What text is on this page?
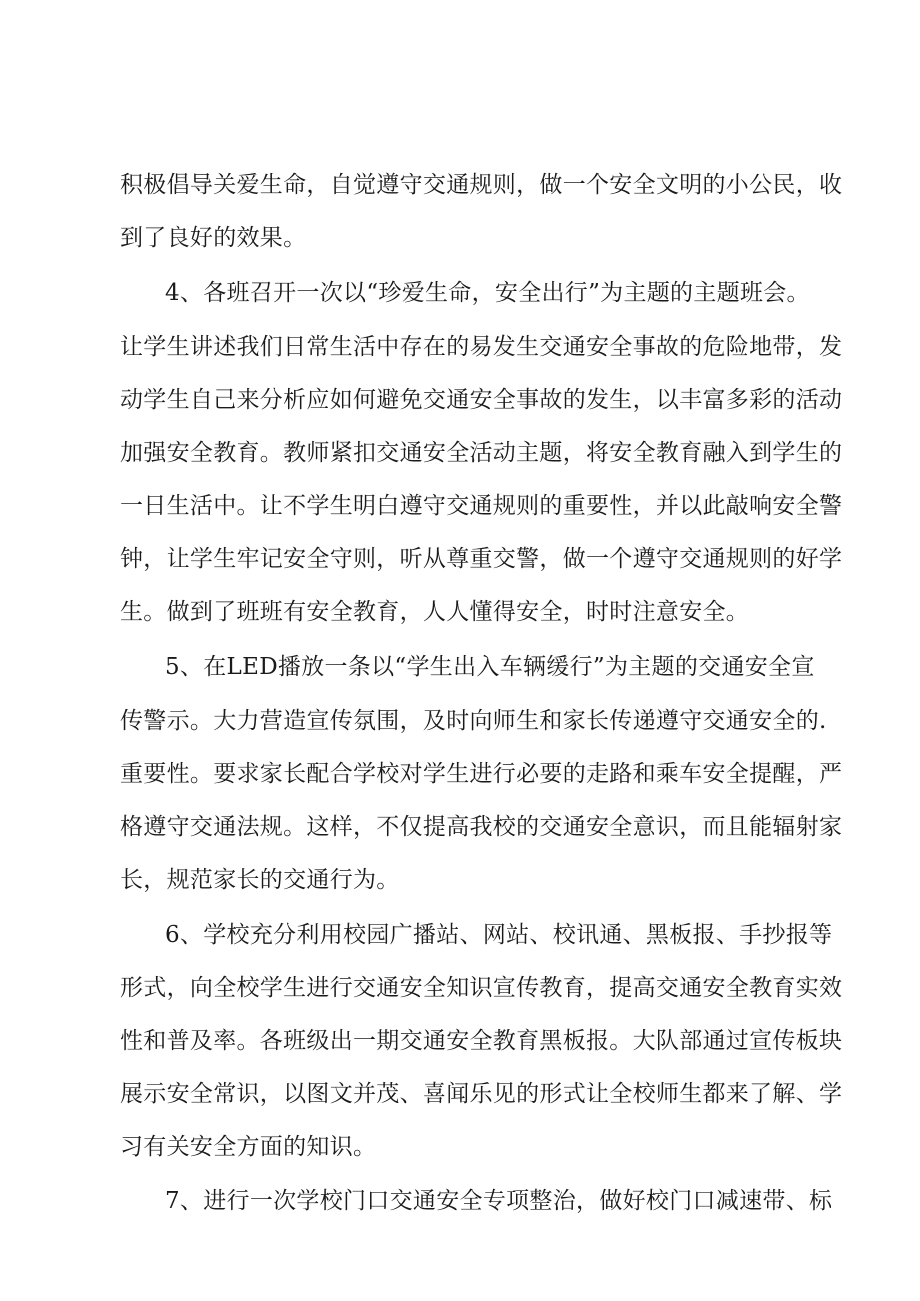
积极倡导关爱生命，自觉遵守交通规则，做一个安全文明的小公民，收
到了良好的效果。
4、各班召开一次以“珍爱生命，安全出行”为主题的主题班会。
让学生讲述我们日常生活中存在的易发生交通安全事故的危险地带，发
动学生自己来分析应如何避免交通安全事故的发生，以丰富多彩的活动
加强安全教育。教师紧扣交通安全活动主题，将安全教育融入到学生的
一日生活中。让不学生明白遵守交通规则的重要性，并以此敲响安全警
钟，让学生牢记安全守则，听从尊重交警，做一个遵守交通规则的好学
生。做到了班班有安全教育，人人懂得安全，时时注意安全。
5、在LED播放一条以“学生出入车辆缓行”为主题的交通安全宣
传警示。大力营造宣传氛围，及时向师生和家长传递遵守交通安全的.
重要性。要求家长配合学校对学生进行必要的走路和乘车安全提醒，严
格遵守交通法规。这样，不仅提高我校的交通安全意识，而且能辐射家
长，规范家长的交通行为。
6、学校充分利用校园广播站、网站、校讯通、黑板报、手抄报等
形式，向全校学生进行交通安全知识宣传教育，提高交通安全教育实效
性和普及率。各班级出一期交通安全教育黑板报。大队部通过宣传板块
展示安全常识，以图文并茂、喜闻乐见的形式让全校师生都来了解、学
习有关安全方面的知识。
7、进行一次学校门口交通安全专项整治，做好校门口减速带、标
